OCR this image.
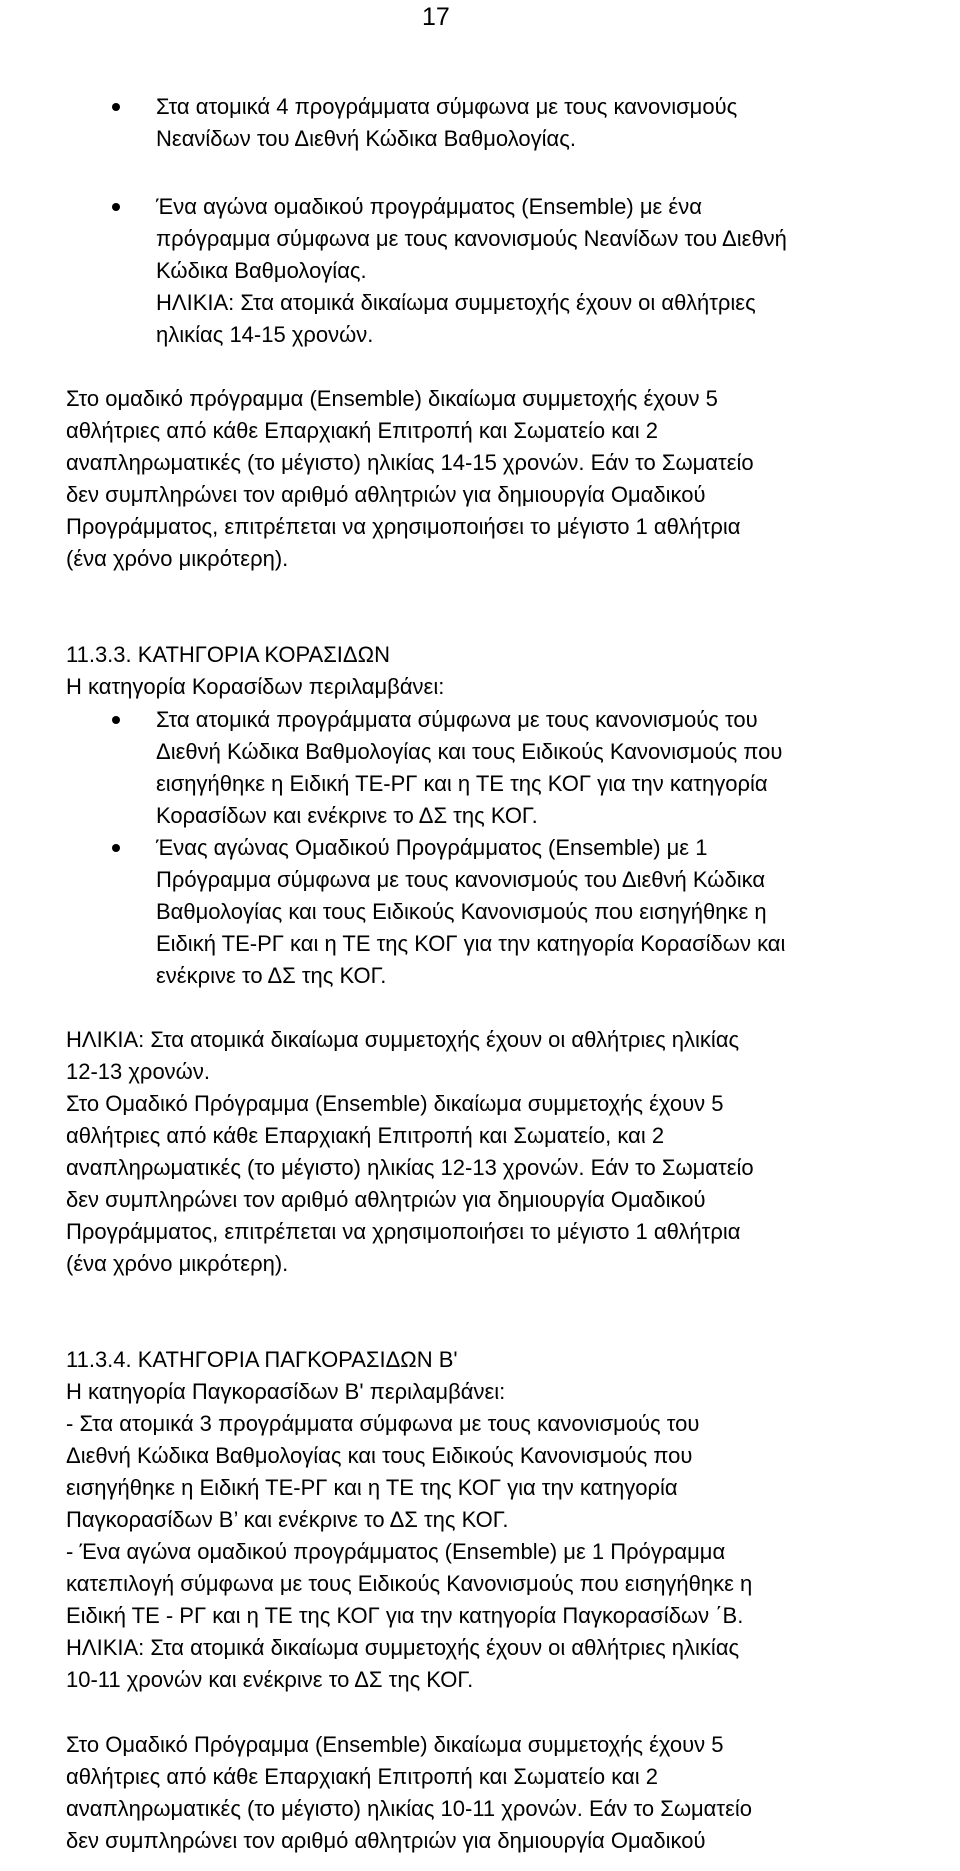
17
Στα ατομικά 4 προγράμματα σύμφωνα με τους κανονισμούς
Νεανίδων του Διεθνή Κώδικα Βαθμολογίας.
Ένα αγώνα ομαδικού προγράμματος (Ensemble) με ένα
πρόγραμμα σύμφωνα με τους κανονισμούς Νεανίδων του Διεθνή
Κώδικα Βαθμολογίας.
ΗΛΙΚΙΑ: Στα ατομικά δικαίωμα συμμετοχής έχουν οι αθλήτριες
ηλικίας 14-15 χρονών.
Στο ομαδικό πρόγραμμα (Ensemble) δικαίωμα συμμετοχής έχουν 5
αθλήτριες από κάθε Επαρχιακή Επιτροπή και Σωματείο και 2
αναπληρωματικές (το μέγιστο) ηλικίας 14-15 χρονών. Εάν το Σωματείο
δεν συμπληρώνει τον αριθμό αθλητριών για δημιουργία Ομαδικού
Προγράμματος, επιτρέπεται να χρησιμοποιήσει το μέγιστο 1 αθλήτρια
(ένα χρόνο μικρότερη).
11.3.3. ΚΑΤΗΓΟΡΙΑ ΚΟΡΑΣΙΔΩΝ
Η κατηγορία Κορασίδων περιλαμβάνει:
Στα ατομικά προγράμματα σύμφωνα με τους κανονισμούς του
Διεθνή Κώδικα Βαθμολογίας και τους Ειδικούς Κανονισμούς που
εισηγήθηκε η Ειδική ΤΕ-ΡΓ και η ΤΕ της ΚΟΓ για την κατηγορία
Κορασίδων και ενέκρινε το ΔΣ της ΚΟΓ.
Ένας αγώνας Ομαδικού Προγράμματος (Ensemble) με 1
Πρόγραμμα σύμφωνα με τους κανονισμούς του Διεθνή Κώδικα
Βαθμολογίας και τους Ειδικούς Κανονισμούς που εισηγήθηκε η
Ειδική ΤΕ-ΡΓ και η ΤΕ της ΚΟΓ για την κατηγορία Κορασίδων και
ενέκρινε το ΔΣ της ΚΟΓ.
ΗΛΙΚΙΑ: Στα ατομικά δικαίωμα συμμετοχής έχουν οι αθλήτριες ηλικίας
12-13 χρονών.
Στο Ομαδικό Πρόγραμμα (Ensemble) δικαίωμα συμμετοχής έχουν 5
αθλήτριες από κάθε Επαρχιακή Επιτροπή και Σωματείο, και 2
αναπληρωματικές (το μέγιστο) ηλικίας 12-13 χρονών. Εάν το Σωματείο
δεν συμπληρώνει τον αριθμό αθλητριών για δημιουργία Ομαδικού
Προγράμματος, επιτρέπεται να χρησιμοποιήσει το μέγιστο 1 αθλήτρια
(ένα χρόνο μικρότερη).
11.3.4. ΚΑΤΗΓΟΡΙΑ ΠΑΓΚΟΡΑΣΙΔΩΝ Β'
Η κατηγορία Παγκορασίδων Β' περιλαμβάνει:
- Στα ατομικά 3 προγράμματα σύμφωνα με τους κανονισμούς του
Διεθνή Κώδικα Βαθμολογίας και τους Ειδικούς Κανονισμούς που
εισηγήθηκε η Ειδική ΤΕ-ΡΓ και η ΤΕ της ΚΟΓ για την κατηγορία
Παγκορασίδων Β’ και ενέκρινε το ΔΣ της ΚΟΓ.
- Ένα αγώνα ομαδικού προγράμματος (Ensemble) με 1 Πρόγραμμα
κατεπιλογή σύμφωνα με τους Ειδικούς Κανονισμούς που εισηγήθηκε η
Ειδική ΤΕ - ΡΓ και η ΤΕ της ΚΟΓ για την κατηγορία Παγκορασίδων ΄Β.
ΗΛΙΚΙΑ: Στα ατομικά δικαίωμα συμμετοχής έχουν οι αθλήτριες ηλικίας
10-11 χρονών και ενέκρινε το ΔΣ της ΚΟΓ.
Στο Ομαδικό Πρόγραμμα (Ensemble) δικαίωμα συμμετοχής έχουν 5
αθλήτριες από κάθε Επαρχιακή Επιτροπή και Σωματείο και 2
αναπληρωματικές (το μέγιστο) ηλικίας 10-11 χρονών. Εάν το Σωματείο
δεν συμπληρώνει τον αριθμό αθλητριών για δημιουργία Ομαδικού
